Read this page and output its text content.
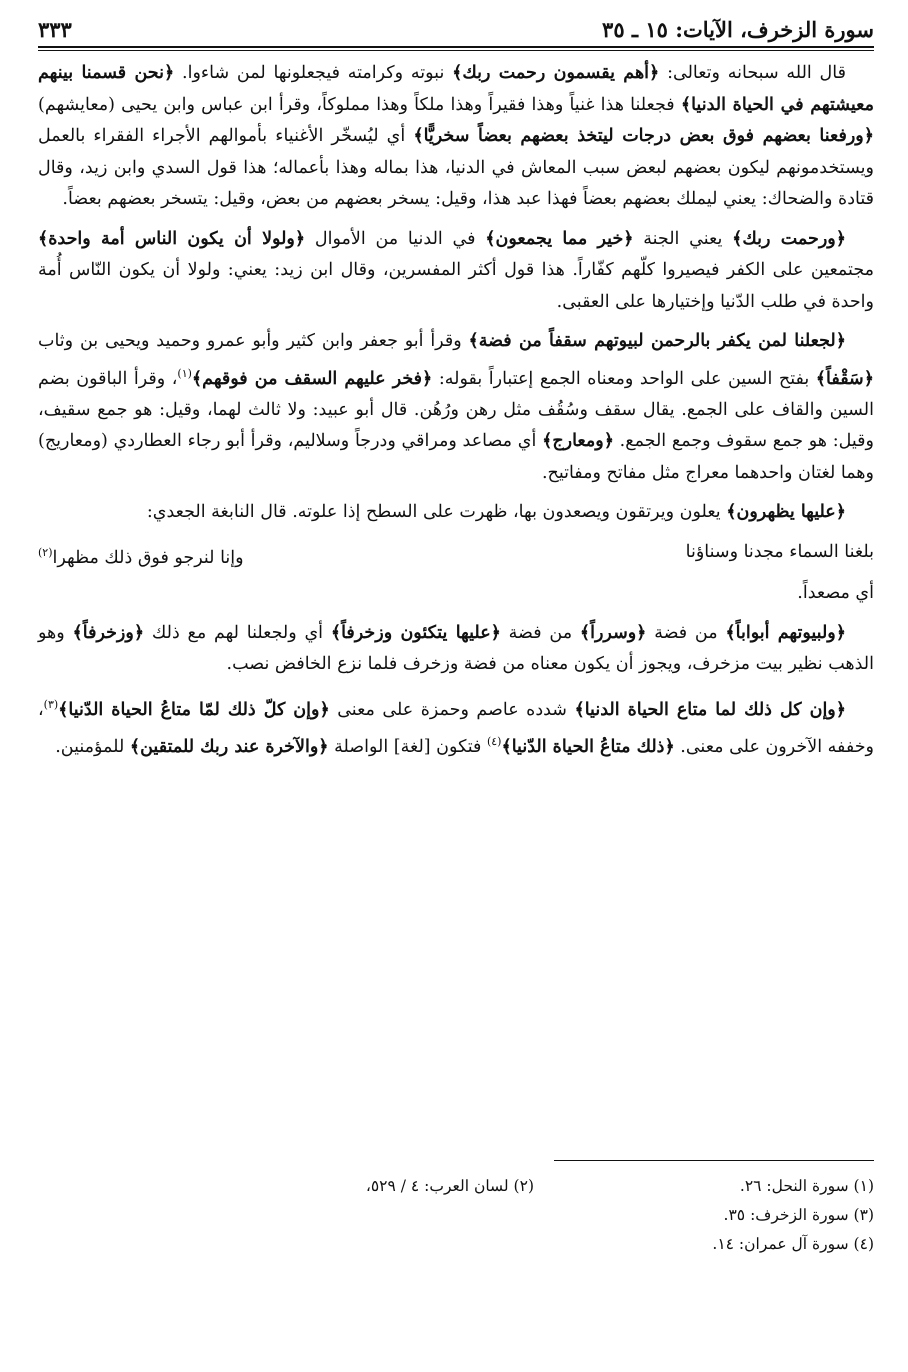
سورة الزخرف، الآيات: ١٥ ـ ٣٥
٣٣٣

قال الله سبحانه وتعالى: ﴿أهم يقسمون رحمت ربك﴾ نبوته وكرامته فيجعلونها لمن شاءوا. ﴿نحن قسمنا بينهم معيشتهم في الحياة الدنيا﴾ فجعلنا هذا غنياً وهذا فقيراً وهذا ملكاً وهذا مملوكاً، وقرأ ابن عباس وابن يحيى (معايشهم) ﴿ورفعنا بعضهم فوق بعض درجات ليتخذ بعضهم بعضاً سخريًّا﴾ أي ليُسخّر الأغنياء بأموالهم الأجراء الفقراء بالعمل ويستخدمونهم ليكون بعضهم لبعض سبب المعاش في الدنيا، هذا بماله وهذا بأعماله؛ هذا قول السدي وابن زيد، وقال قتادة والضحاك: يعني ليملك بعضهم بعضاً فهذا عبد هذا، وقيل: يسخر بعضهم من بعض، وقيل: يتسخر بعضهم بعضاً.

﴿ورحمت ربك﴾ يعني الجنة ﴿خير مما يجمعون﴾ في الدنيا من الأموال ﴿ولولا أن يكون الناس أمة واحدة﴾ مجتمعين على الكفر فيصيروا كلّهم كفّاراً. هذا قول أكثر المفسرين، وقال ابن زيد: يعني: ولولا أن يكون النّاس أُمة واحدة في طلب الدّنيا وإختيارها على العقبى.

﴿لجعلنا لمن يكفر بالرحمن لبيوتهم سقفاً من فضة﴾ وقرأ أبو جعفر وابن كثير وأبو عمرو وحميد ويحيى بن وثاب ﴿سَقْفاً﴾ بفتح السين على الواحد ومعناه الجمع إعتباراً بقوله: ﴿فخر عليهم السقف من فوقهم﴾$^{(١)}$، وقرأ الباقون بضم السين والقاف على الجمع. يقال سقف وسُقُف مثل رهن ورُهُن. قال أبو عبيد: ولا ثالث لهما، وقيل: هو جمع سقيف، وقيل: هو جمع سقوف وجمع الجمع. ﴿ومعارج﴾ أي مصاعد ومراقي ودرجاً وسلاليم، وقرأ أبو رجاء العطاردي (ومعاريج) وهما لغتان واحدهما معراج مثل مفاتح ومفاتيح.

﴿عليها يظهرون﴾ يعلون ويرتقون ويصعدون بها، ظهرت على السطح إذا علوته. قال النابغة الجعدي:

بلغنا السماء مجدنا وسناؤنا
وإنا لنرجو فوق ذلك مظهرا$^{(٢)}$

أي مصعداً.

﴿ولبيوتهم أبواباً﴾ من فضة ﴿وسرراً﴾ من فضة ﴿عليها يتكئون وزخرفاً﴾ أي ولجعلنا لهم مع ذلك ﴿وزخرفاً﴾ وهو الذهب نظير بيت مزخرف، ويجوز أن يكون معناه من فضة وزخرف فلما نزع الخافض نصب.

﴿وإن كل ذلك لما متاع الحياة الدنيا﴾ شدده عاصم وحمزة على معنى ﴿وإن كلّ ذلك لمّا متاعُ الحياة الدّنيا﴾$^{(٣)}$، وخففه الآخرون على معنى. ﴿ذلك متاعُ الحياة الدّنيا﴾$^{(٤)}$ فتكون [لغة] الواصلة ﴿والآخرة عند ربك للمتقين﴾ للمؤمنين.

(١) سورة النحل: ٢٦.
(٢) لسان العرب: ٤ / ٥٢٩،
(٣) سورة الزخرف: ٣٥.
(٤) سورة آل عمران: ١٤.
